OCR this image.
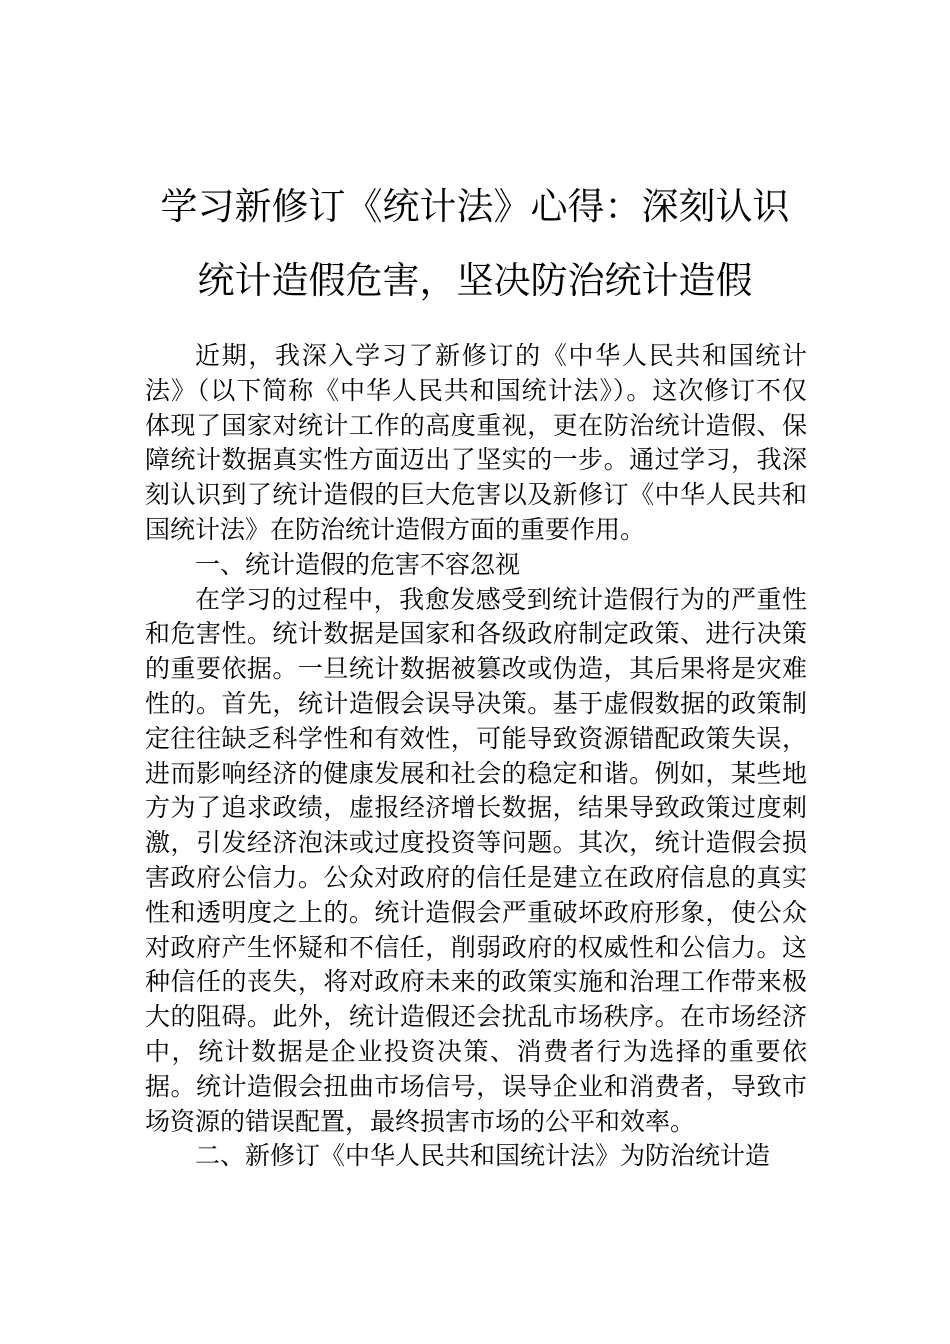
学习新修订《统计法》心得：深刻认识统计造假危害，坚决防治统计造假

近期，我深入学习了新修订的《中华人民共和国统计法》（以下简称《中华人民共和国统计法》）。这次修订不仅体现了国家对统计工作的高度重视，更在防治统计造假、保障统计数据真实性方面迈出了坚实的一步。通过学习，我深刻认识到了统计造假的巨大危害以及新修订《中华人民共和国统计法》在防治统计造假方面的重要作用。

一、统计造假的危害不容忽视

在学习的过程中，我愈发感受到统计造假行为的严重性和危害性。统计数据是国家和各级政府制定政策、进行决策的重要依据。一旦统计数据被篡改或伪造，其后果将是灾难性的。首先，统计造假会误导决策。基于虚假数据的政策制定往往缺乏科学性和有效性，可能导致资源错配政策失误，进而影响经济的健康发展和社会的稳定和谐。例如，某些地方为了追求政绩，虚报经济增长数据，结果导致政策过度刺激，引发经济泡沫或过度投资等问题。其次，统计造假会损害政府公信力。公众对政府的信任是建立在政府信息的真实性和透明度之上的。统计造假会严重破坏政府形象，使公众对政府产生怀疑和不信任，削弱政府的权威性和公信力。这种信任的丧失，将对政府未来的政策实施和治理工作带来极大的阻碍。此外，统计造假还会扰乱市场秩序。在市场经济中，统计数据是企业投资决策、消费者行为选择的重要依据。统计造假会扭曲市场信号，误导企业和消费者，导致市场资源的错误配置，最终损害市场的公平和效率。

二、新修订《中华人民共和国统计法》为防治统计造
